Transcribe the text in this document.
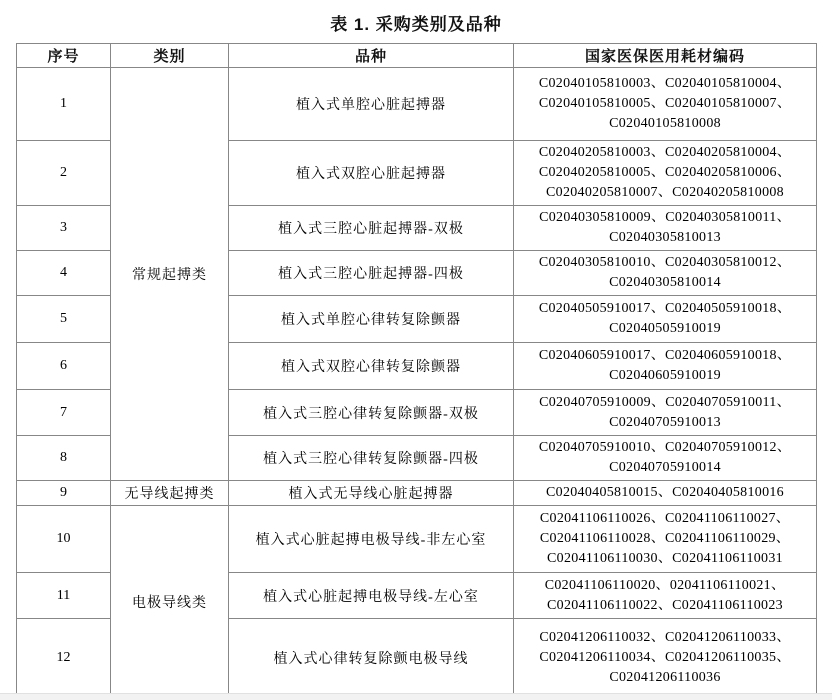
表 1. 采购类别及品种
序号	类别	品种	国家医保医用耗材编码
1	常规起搏类	植入式单腔心脏起搏器	C02040105810003、C02040105810004、C02040105810005、C02040105810007、C02040105810008
2		植入式双腔心脏起搏器	C02040205810003、C02040205810004、C02040205810005、C02040205810006、C02040205810007、C02040205810008
3		植入式三腔心脏起搏器-双极	C02040305810009、C02040305810011、C02040305810013
4		植入式三腔心脏起搏器-四极	C02040305810010、C02040305810012、C02040305810014
5		植入式单腔心律转复除颤器	C02040505910017、C02040505910018、C02040505910019
6		植入式双腔心律转复除颤器	C02040605910017、C02040605910018、C02040605910019
7		植入式三腔心律转复除颤器-双极	C02040705910009、C02040705910011、C02040705910013
8		植入式三腔心律转复除颤器-四极	C02040705910010、C02040705910012、C02040705910014
9	无导线起搏类	植入式无导线心脏起搏器	C02040405810015、C02040405810016
10	电极导线类	植入式心脏起搏电极导线-非左心室	C02041106110026、C02041106110027、C02041106110028、C02041106110029、C02041106110030、C02041106110031
11		植入式心脏起搏电极导线-左心室	C02041106110020、02041106110021、C02041106110022、C02041106110023
12		植入式心律转复除颤电极导线	C02041206110032、C02041206110033、C02041206110034、C02041206110035、C02041206110036
